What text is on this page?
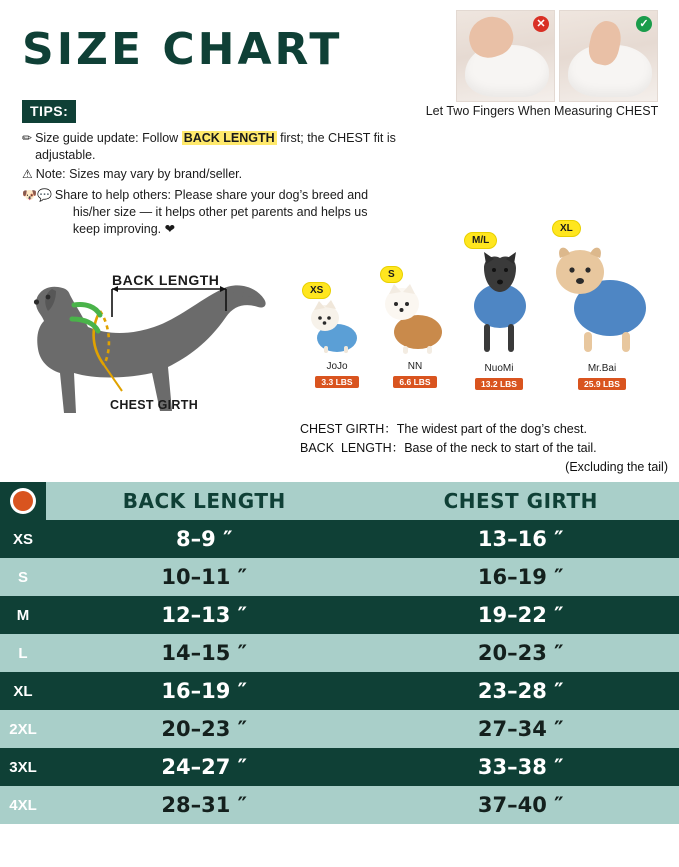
SIZE CHART
TIPS:
✏ Size guide update: Follow BACK LENGTH first; the CHEST fit is adjustable.
⚠ Note: Sizes may vary by brand/seller.
🐶💬 Share to help others: Please share your dog’s breed and
his/her size — it helps other pet parents and helps us
keep improving. ❤
✕	✓
Let Two Fingers When Measuring CHEST
BACK LENGTH
CHEST GIRTH
JoJo
3.3 LBS
XS
NN
6.6 LBS
S
NuoMi
13.2 LBS
M/L
Mr.Bai
25.9 LBS
XL
CHEST GIRTH： The widest part of the dog’s chest.
BACK  LENGTH： Base of the neck to start of the tail.
(Excluding the tail)
BACK LENGTH	CHEST GIRTH
XS	8–9 ″	13–16 ″
S	10–11 ″	16–19 ″
M	12–13 ″	19–22 ″
L	14–15 ″	20–23 ″
XL	16–19 ″	23–28 ″
2XL	20–23 ″	27–34 ″
3XL	24–27 ″	33–38 ″
4XL	28–31 ″	37–40 ″
